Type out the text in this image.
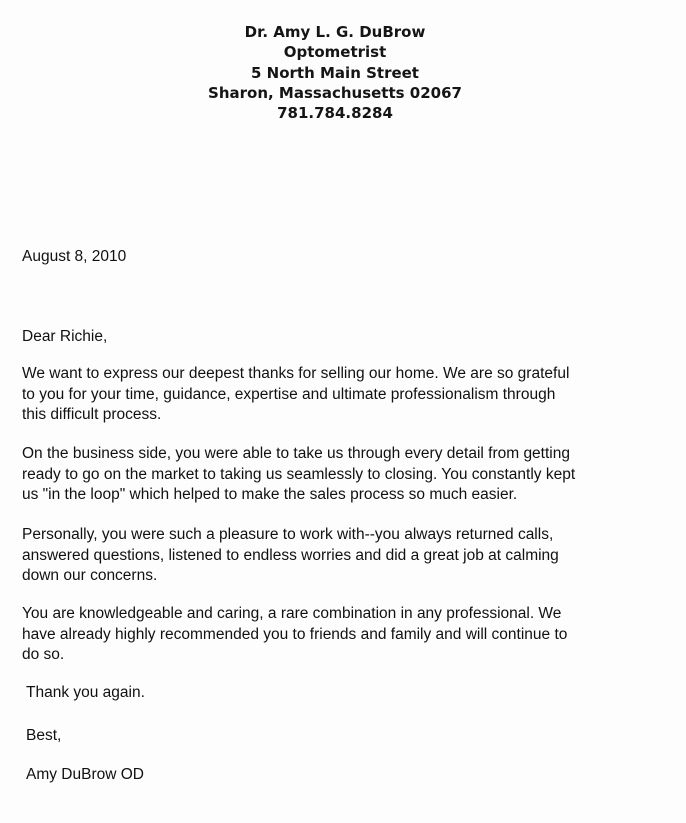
Dr. Amy L. G. DuBrow
Optometrist
5 North Main Street
Sharon, Massachusetts 02067
781.784.8284
August 8, 2010
Dear Richie,
We want to express our deepest thanks for selling our home. We are so grateful
to you for your time, guidance, expertise and ultimate professionalism through
this difficult process.
On the business side, you were able to take us through every detail from getting
ready to go on the market to taking us seamlessly to closing. You constantly kept
us "in the loop" which helped to make the sales process so much easier.
Personally, you were such a pleasure to work with--you always returned calls,
answered questions, listened to endless worries and did a great job at calming
down our concerns.
You are knowledgeable and caring, a rare combination in any professional. We
have already highly recommended you to friends and family and will continue to
do so.
Thank you again.
Best,
Amy DuBrow OD
